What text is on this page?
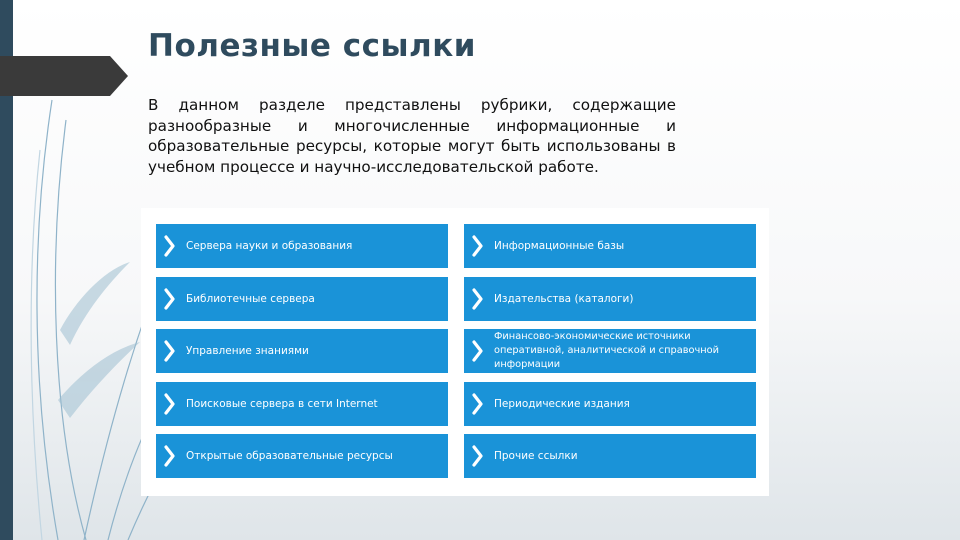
Полезные ссылки

В данном разделе представлены рубрики, содержащие разнообразные и многочисленные информационные и образовательные ресурсы, которые могут быть использованы в учебном процессе и научно-исследовательской работе.

Сервера науки и образования
Библиотечные сервера
Управление знаниями
Поисковые сервера в сети Internet
Открытые образовательные ресурсы
Информационные базы
Издательства (каталоги)
Финансово-экономические источники оперативной, аналитической и справочной информации
Периодические издания
Прочие ссылки
